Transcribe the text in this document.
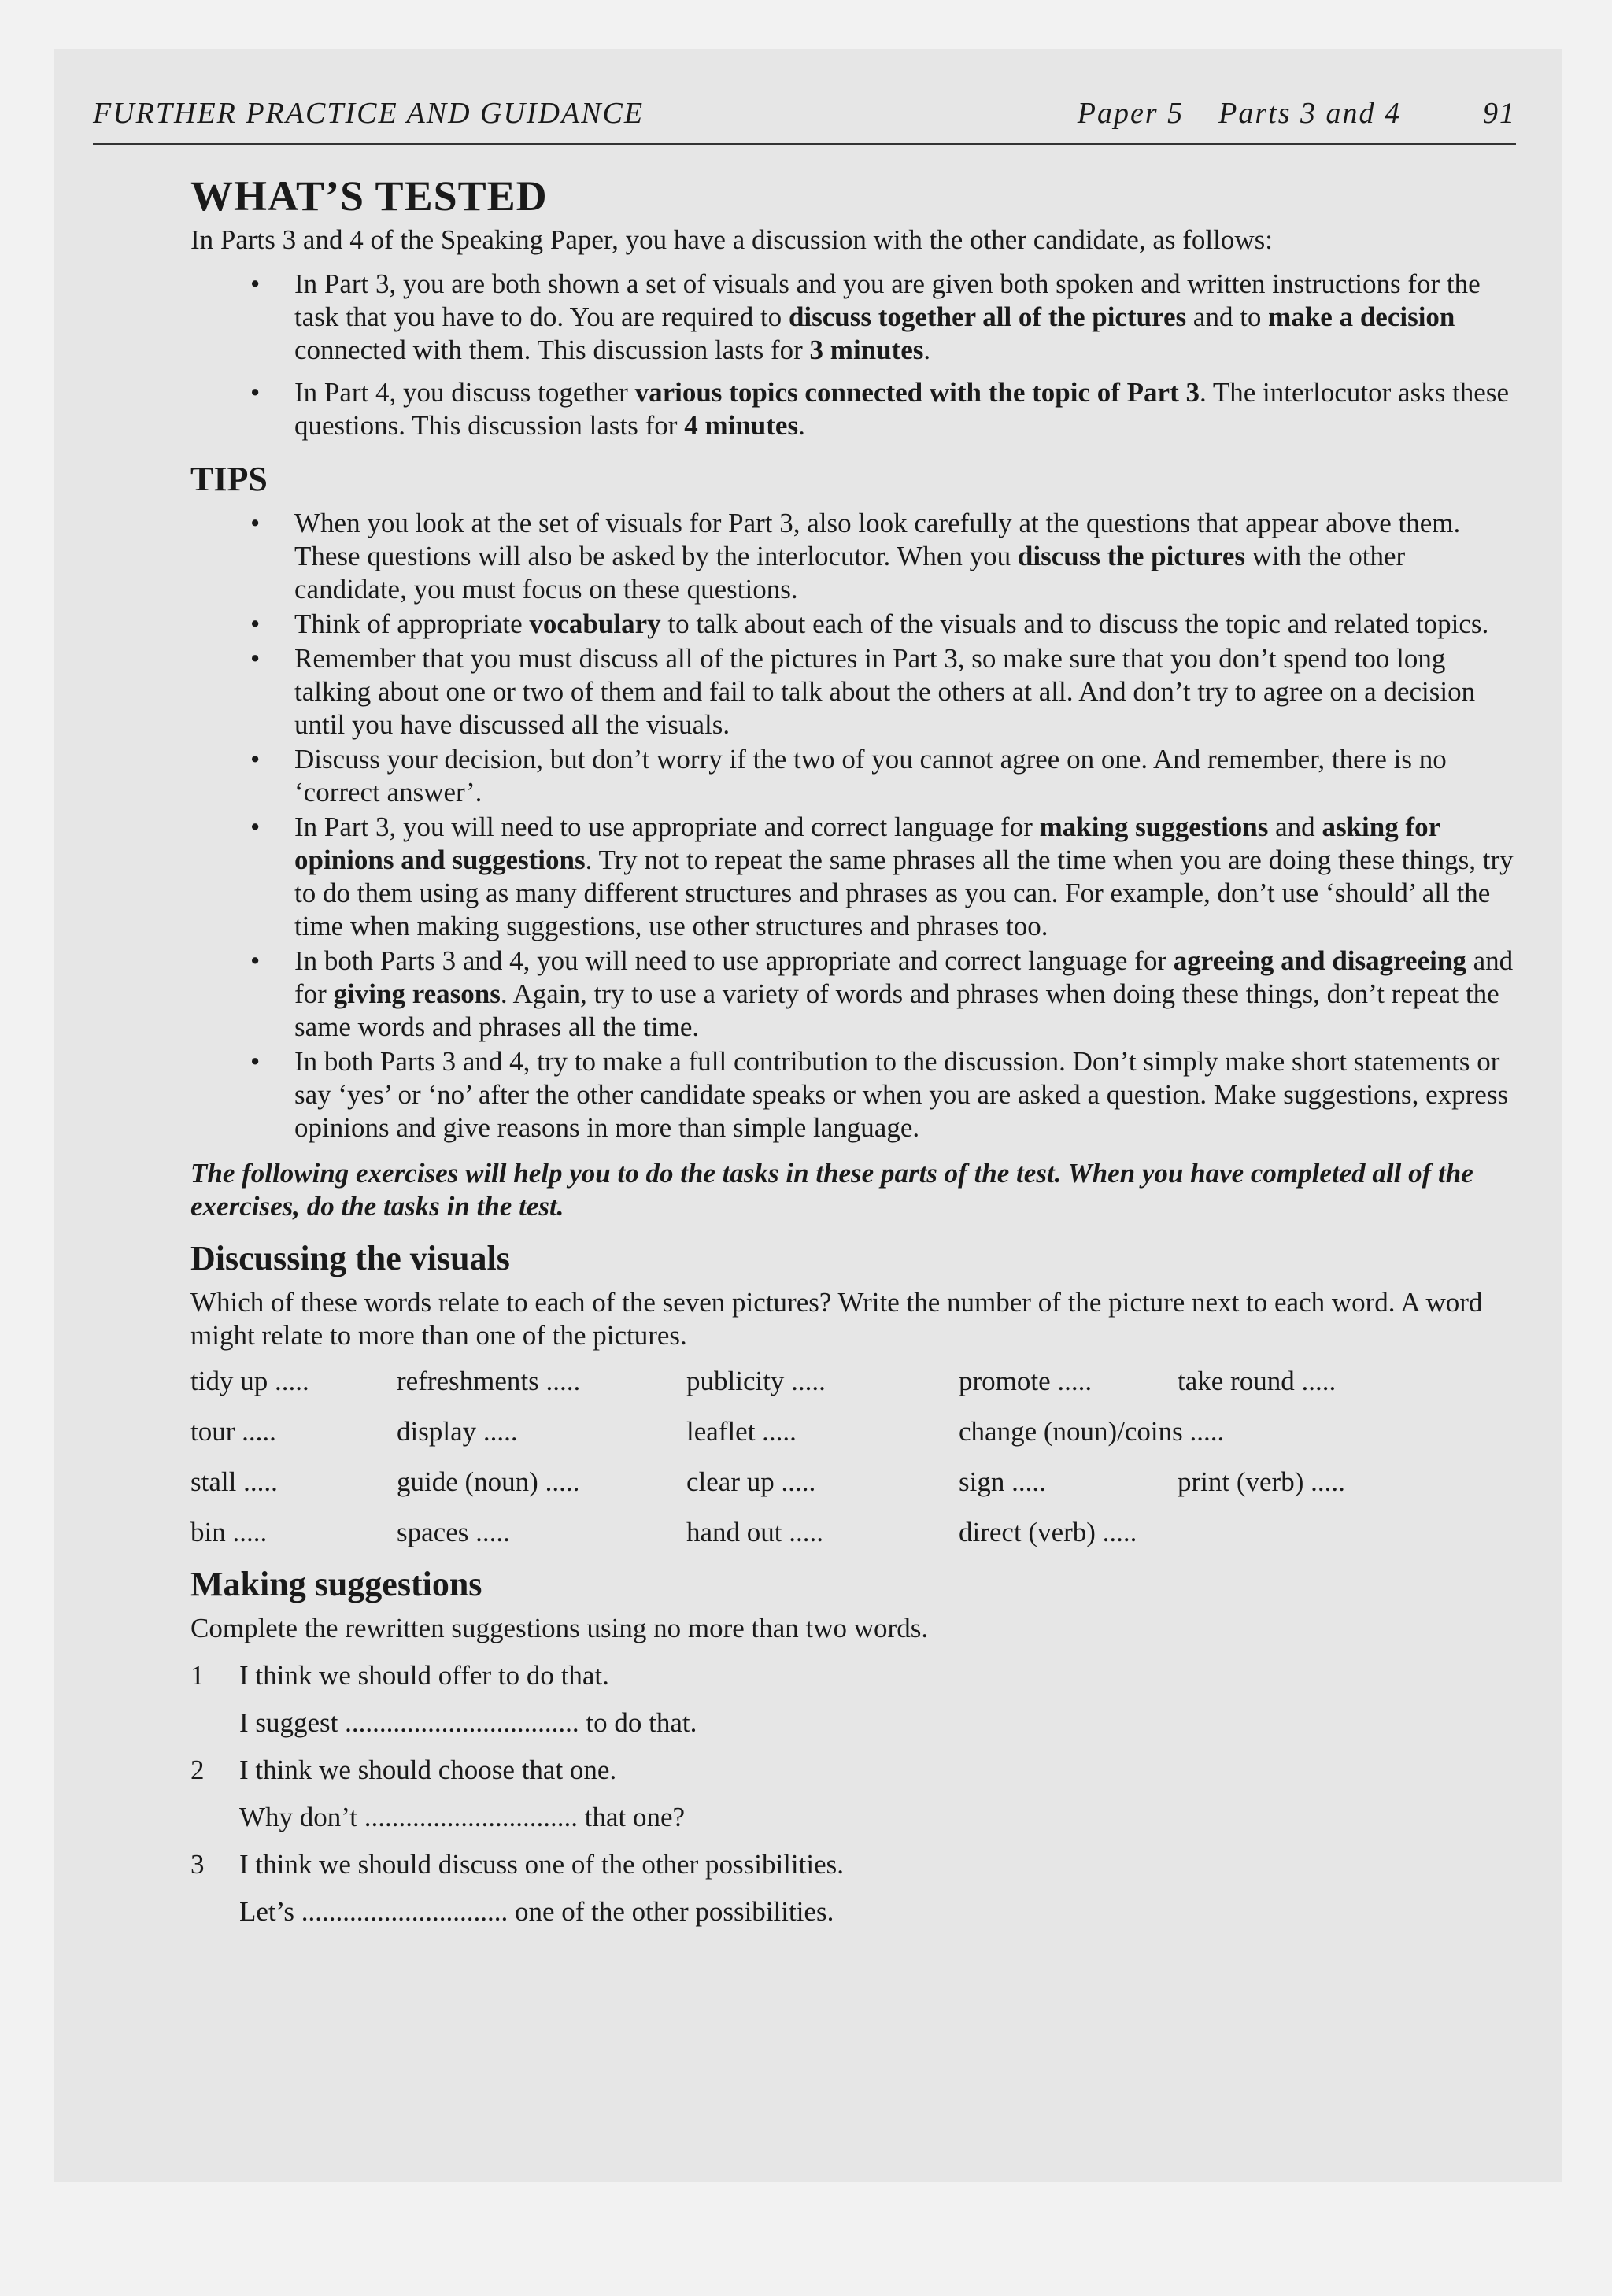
FURTHER PRACTICE AND GUIDANCE	Paper 5 Parts 3 and 4	91
WHAT’S TESTED

In Parts 3 and 4 of the Speaking Paper, you have a discussion with the other candidate, as follows:

• In Part 3, you are both shown a set of visuals and you are given both spoken and written instructions for the task that you have to do. You are required to discuss together all of the pictures and to make a decision connected with them. This discussion lasts for 3 minutes.
• In Part 4, you discuss together various topics connected with the topic of Part 3. The interlocutor asks these questions. This discussion lasts for 4 minutes.
TIPS
• When you look at the set of visuals for Part 3, also look carefully at the questions that appear above them. These questions will also be asked by the interlocutor. When you discuss the pictures with the other candidate, you must focus on these questions.
• Think of appropriate vocabulary to talk about each of the visuals and to discuss the topic and related topics.
• Remember that you must discuss all of the pictures in Part 3, so make sure that you don’t spend too long talking about one or two of them and fail to talk about the others at all. And don’t try to agree on a decision until you have discussed all the visuals.
• Discuss your decision, but don’t worry if the two of you cannot agree on one. And remember, there is no ‘correct answer’.
• In Part 3, you will need to use appropriate and correct language for making suggestions and asking for opinions and suggestions. Try not to repeat the same phrases all the time when you are doing these things, try to do them using as many different structures and phrases as you can. For example, don’t use ‘should’ all the time when making suggestions, use other structures and phrases too.
• In both Parts 3 and 4, you will need to use appropriate and correct language for agreeing and disagreeing and for giving reasons. Again, try to use a variety of words and phrases when doing these things, don’t repeat the same words and phrases all the time.
• In both Parts 3 and 4, try to make a full contribution to the discussion. Don’t simply make short statements or say ‘yes’ or ‘no’ after the other candidate speaks or when you are asked a question. Make suggestions, express opinions and give reasons in more than simple language.

The following exercises will help you to do the tasks in these parts of the test. When you have completed all of the exercises, do the tasks in the test.

Discussing the visuals

Which of these words relate to each of the seven pictures? Write the number of the picture next to each word. A word might relate to more than one of the pictures.

tidy up .....	refreshments .....	publicity .....	promote .....	take round .....
tour .....	display .....	leaflet .....	change (noun)/coins .....
stall .....	guide (noun) .....	clear up .....	sign .....	print (verb) .....
bin .....	spaces .....	hand out .....	direct (verb) .....
Making suggestions

Complete the rewritten suggestions using no more than two words.

1	I think we should offer to do that.
I suggest .................................. to do that.
2	I think we should choose that one.
Why don’t ............................... that one?
3	I think we should discuss one of the other possibilities.
Let’s .............................. one of the other possibilities.
